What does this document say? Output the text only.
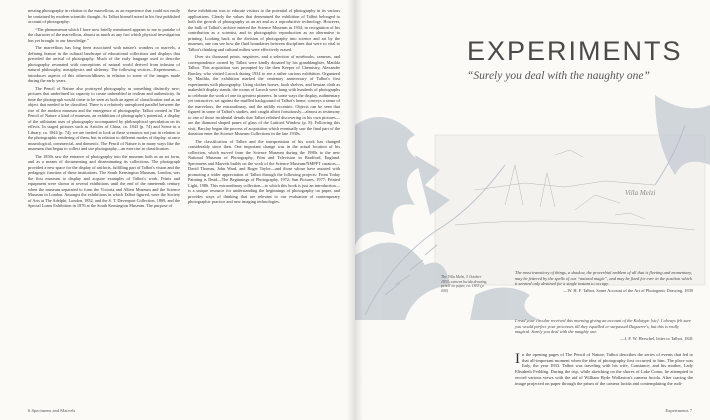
nessing photography in relation to the marvellous, as an experience that could not easily be contained by modern scientific thought. As Talbot himself noted in his first published account of photography:

“The phenomenon which I have now briefly mentioned appears to me to partake of the character of the marvellous, almost as much as any fact which physical investigation has yet brought to our knowledge.”

The marvellous has long been associated with nature's wonders or marvels, a defining feature in the cultural landscape of educational collections and displays that preceded the arrival of photography. Much of the early language used to describe photography resonated with conceptions of natural world derived from infusion of natural philosophy, metaphysics and alchemy. The following section—Experiments—introduces aspects of this otherworldliness in relation to some of the images made during the early years.

The Pencil of Nature also portrayed photography as something distinctly new; pictures that underlined its capacity to create unheralded in realism and authenticity. In time the photograph would come to be seen as both an agent of classification and as an object that needed to be classified. There is a relatively unexplored parallel between the rise of the modern museum and the emergence of photography. Talbot created in The Pencil of Nature a kind of museum, an exhibition of photography's potential, a display of the utilitarian uses of photography accompanied by philosophical speculation on its effects. In staged pictures such as Articles of China, ca. 1843 (p. 74) and Scene in a Library, ca. 1844 (p. 74), we are invited to look at these scenarios not just in relation to the photographic rendering of them, but in relation to different modes of display, at once museological, commercial, and domestic. The Pencil of Nature is in many ways like the museums that began to collect and use photography—an exercise in classification.

The 1850s saw the entrance of photography into the museum both as an art form, and as a means of documenting and disseminating its collections. The photograph provided a new space for the display of artifacts, fulfilling part of Talbot's vision and the pedagogic function of these institutions. The South Kensington Museum, London, was the first museum to display and acquire examples of Talbot's work. Prints and equipment were shown at several exhibitions until the end of the nineteenth century when the museum separated to form the Victoria and Albert Museum and the Science Museum in London. Amongst the exhibitions in which Talbot figured, were the Society of Arts at The Adelphi, London, 1852, and the S. T. Davenport Collection, 1869, and the Special Loans Exhibition in 1876 at the South Kensington Museum. The purpose of

these exhibitions was to educate visitors to the potential of photography in its various applications. Clearly the values that determined the exhibition of Talbot belonged to both the growth of photography as an art and as a reproductive technology. However, the bulk of Talbot's archive entered the Science Museum in 1934, in recognition of his contribution as a scientist, and in photographic reproduction as an alternative to printing. Looking back at the division of photography into science and art by the museum, one can see how the fluid boundaries between disciplines that were so vital to Talbot's thinking and cultural milieu were effectively erased.

Over six thousand prints, negatives, and a selection of notebooks, cameras, and correspondence owned by Talbot were kindly donated by his granddaughter, Matilda Talbot. This acquisition was prompted by the then Keeper of Chemistry, Alexander Barclay, who visited Lacock during 1934 to see a rather curious exhibition. Organized by Matilda, the exhibition marked the centenary anniversary of Talbot's first experiments with photography. Using clothes horses, book shelves, and hessian cloth as makeshift display stands, the rooms of Lacock were hung with hundreds of photographs to celebrate the work of one its greatest pioneers. In some ways the display, rudimentary yet instructive, set against the muffled background of Talbot's home, conveys a sense of the marvelous, the extraordinary, and the mildly eccentric. Objects can be seen that figured in some of Talbot's studies, and caught albeit fortuitously—almost as testimony to one of those incidental details that Talbot relished discovering in his own pictures—are the diamond shaped panes of glass of the Latticed Window (p. 8). Following this visit, Barclay began the process of acquisition which eventually saw the final part of the donation enter the Science Museum Collections in the late 1930s.

The classification of Talbot and the interpretation of his work has changed considerably since then. One important change was in the actual location of his collection, which moved from the Science Museum during the 1980s to the new National Museum of Photography, Film and Television in Bradford, England. Specimens and Marvels builds on the work of the Science Museum/NMPFT curators—David Thomas, John Ward, and Roger Taylor—and those whose have assisted with promoting a wider appreciation of Talbot through the following projects: From Today Painting is Dead—The Beginnings of Photography, 1972; Sun Pictures, 1977; Printed Light, 1986. This extraordinary collection—to which this book is just an introduction—is a unique resource for understanding the beginnings of photography on paper, and provides ways of thinking that are relevant to our evaluation of contemporary photographic practice and new imaging technologies.

6 Specimens and Marvels
Villa Melzi
EXPERIMENTS
“Surely you deal with the naughty one”
The Villa Melzi, 5 October 1833; camera lucida drawing, pencil on paper, ca. 1833 (p. 000)
The most transitory of things, a shadow, the proverbial emblem of all that is fleeting and momentary, may be fettered by the spells of our “natural magic”, and may be fixed for ever in the position which it seemed only destined for a single instant to occupy.
—W. H. F. Talbot, Some Account of the Art of Photogenic Drawing, 1839
I read your circular received this morning giving an account of the Kalotype [sic]. I always felt sure you would perfect your processes till they equalled or surpassed Daguerre's, but this is really magical. Surely you deal with the naughty one.
—J. F. W. Herschel, letter to Talbot, 1841
In the opening pages of The Pencil of Nature, Talbot describes the series of events that led to that all-important moment when the idea of photography first occurred to him. The place was Italy, the year 1833. Talbot was traveling with his wife, Constance, and his mother, Lady Elisabeth Feilding. During the trip, while sketching on the shores of Lake Como, he attempted to record various views with the aid of William Hyde Wollaston's camera lucida. After tracing the image projected on paper through the prism of the camera lucida and contemplating the rudi-
Experiments 7
